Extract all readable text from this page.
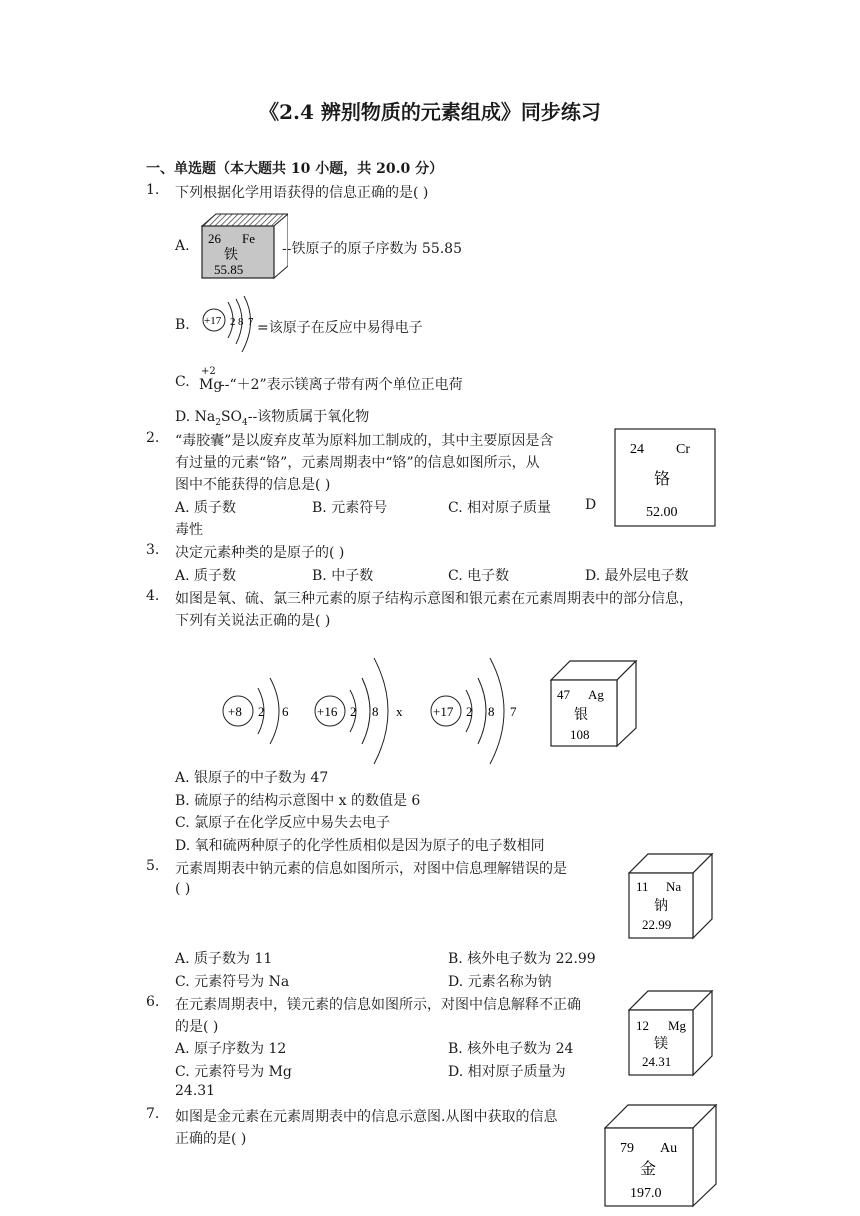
《2.4 辨别物质的元素组成》同步练习
一、单选题（本大题共 10 小题，共 20.0 分）
1. 下列根据化学用语获得的信息正确的是( )
A. 26 Fe
铁
55.85
--铁原子的原子序数为 55.85
B. +17 2 8 7 =该原子在反应中易得电子
C.
+2
Mg
--“＋2”表示镁离子带有两个单位正电荷
D. $Na_2SO_4--$该物质属于氧化物
2. “毒胶囊”是以废弃皮革为原料加工制成的，其中主要原因是含
有过量的元素“铬”，元素周期表中“铬”的信息如图所示，从
图中不能获得的信息是( )
A. 质子数	B. 元素符号	C. 相对原子质量 D
毒性
24 Cr
铬
52.00
3. 决定元素种类的是原子的( )
A. 质子数	B. 中子数	C. 电子数	D. 最外层电子数
4. 如图是氧、硫、氯三种元素的原子结构示意图和银元素在元素周期表中的部分信息，
下列有关说法正确的是( )
+8 2 6 +16 2 8 x +17 2 8 7
47 Ag
银
108
A. 银原子的中子数为 47
B. 硫原子的结构示意图中 x 的数值是 6
C. 氯原子在化学反应中易失去电子
D. 氧和硫两种原子的化学性质相似是因为原子的电子数相同
5. 元素周期表中钠元素的信息如图所示，对图中信息理解错误的是
( )	11 Na
钠
22.99
A. 质子数为 11	B. 核外电子数为 22.99
C. 元素符号为 Na	D. 元素名称为钠
6. 在元素周期表中，镁元素的信息如图所示，对图中信息解释不正确
的是( )	12 Mg
镁
24.31
A. 原子序数为 12	B. 核外电子数为 24
C. 元素符号为 Mg	D. 相对原子质量为
24.31
7. 如图是金元素在元素周期表中的信息示意图.从图中获取的信息
正确的是( )
79 Au
金
197.0
